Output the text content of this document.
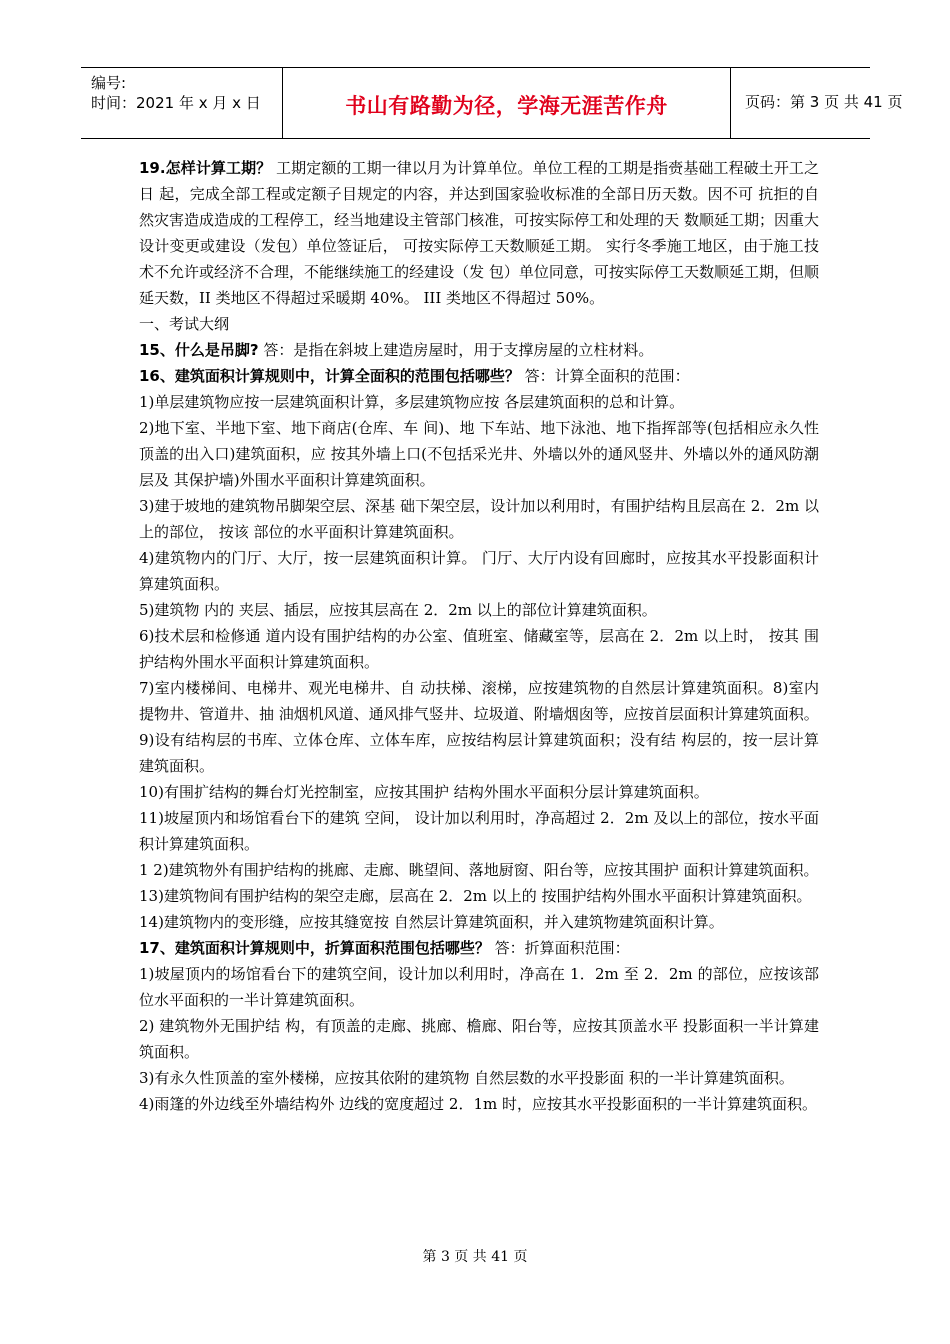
编号:
时间：2021 年 x 月 x 日	书山有路勤为径，学海无涯苦作舟	页码：第 3 页 共 41 页

19.怎样计算工期？ 工期定额的工期一律以月为计算单位。单位工程的工期是指赍基础工程破土开工之日 起，完成全部工程或定额子目规定的内容，并达到国家验收标准的全部日历天数。因不可 抗拒的自然灾害造成造成的工程停工，经当地建设主管部门核准，可按实际停工和处理的天 数顺延工期；因重大设计变更或建设（发包）单位签证后， 可按实际停工天数顺延工期。 实行冬季施工地区，由于施工技术不允许或经济不合理，不能继续施工的经建设（发 包）单位同意，可按实际停工天数顺延工期，但顺延天数，II 类地区不得超过采暖期 40%。 III 类地区不得超过 50%。

一、考试大纲

15、什么是吊脚? 答：是指在斜坡上建造房屋时，用于支撑房屋的立柱材料。

16、建筑面积计算规则中，计算全面积的范围包括哪些？ 答：计算全面积的范围：

1)单层建筑物应按一层建筑面积计算，多层建筑物应按 各层建筑面积的总和计算。

2)地下室、半地下室、地下商店(仓库、车 间)、地 下车站、地下泳池、地下指挥部等(包括相应永久性顶盖的出入口)建筑面积，应 按其外墙上口(不包括采光井、外墙以外的通风竖井、外墙以外的通风防潮层及 其保护墙)外围水平面积计算建筑面积。

3)建于坡地的建筑物吊脚架空层、深基 础下架空层，设计加以利用时，有围护结构且层高在 2．2m 以上的部位， 按该 部位的水平面积计算建筑面积。

4)建筑物内的门厅、大厅，按一层建筑面积计算。 门厅、大厅内设有回廊时，应按其水平投影面积计算建筑面积。

5)建筑物 内的 夹层、插层，应按其层高在 2．2m 以上的部位计算建筑面积。

6)技术层和检修通 道内设有围护结构的办公室、值班室、储藏室等，层高在 2．2m 以上时， 按其 围护结构外围水平面积计算建筑面积。

7)室内楼梯间、电梯井、观光电梯井、自 动扶梯、滚梯，应按建筑物的自然层计算建筑面积。8)室内提物井、管道井、抽 油烟机风道、通风排气竖井、垃圾道、附墙烟囱等，应按首层面积计算建筑面积。

9)设有结构层的书库、立体仓库、立体车库，应按结构层计算建筑面积；没有结 构层的，按一层计算建筑面积。

10)有围扩结构的舞台灯光控制室，应按其围护 结构外围水平面积分层计算建筑面积。

11)坡屋顶内和场馆看台下的建筑 空间， 设计加以利用时，净高超过 2．2m 及以上的部位，按水平面积计算建筑面积。

1 2)建筑物外有围护结构的挑廊、走廊、眺望间、落地厨窗、阳台等，应按其围护 面积计算建筑面积。

13)建筑物间有围护结构的架空走廊，层高在 2．2m 以上的 按围护结构外围水平面积计算建筑面积。

14)建筑物内的变形缝，应按其缝宽按 自然层计算建筑面积，并入建筑物建筑面积计算。

17、建筑面积计算规则中，折算面积范围包括哪些？ 答：折算面积范围：

1)坡屋顶内的场馆看台下的建筑空间，设计加以利用时，净高在 1．2m 至 2．2m 的部位，应按该部位水平面积的一半计算建筑面积。

2) 建筑物外无围护结 构，有顶盖的走廊、挑廊、檐廊、阳台等，应按其顶盖水平 投影面积一半计算建筑面积。

3)有永久性顶盖的室外楼梯，应按其依附的建筑物 自然层数的水平投影面 积的一半计算建筑面积。

4)雨篷的外边线至外墙结构外 边线的宽度超过 2．1m 时，应按其水平投影面积的一半计算建筑面积。

第 3 页 共 41 页
